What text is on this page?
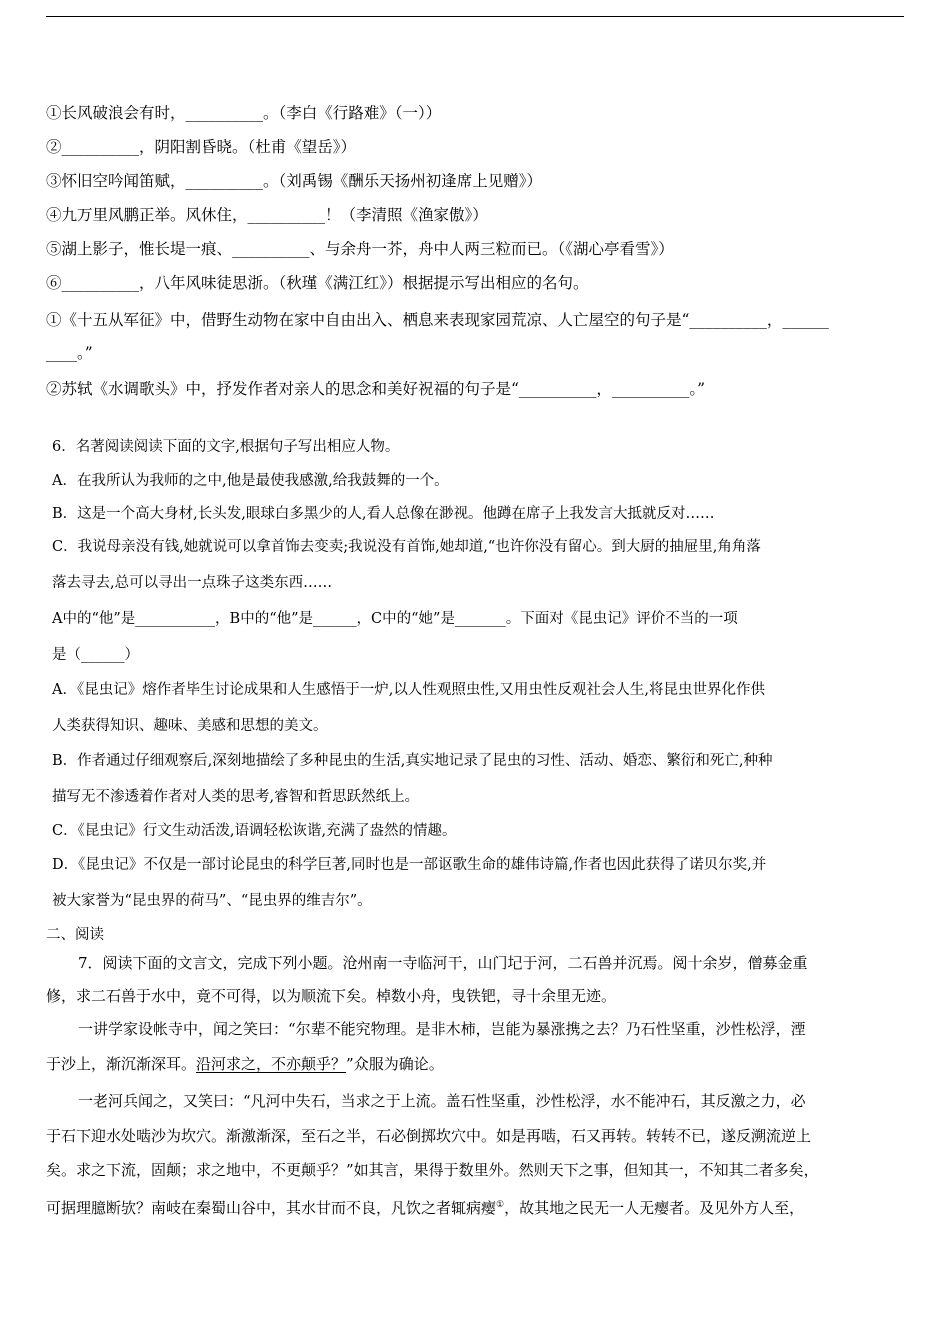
①长风破浪会有时，__________。（李白《行路难》（一））
②__________，阴阳割昏晓。（杜甫《望岳》）
③怀旧空吟闻笛赋，__________。（刘禹锡《酬乐天扬州初逢席上见赠》）
④九万里风鹏正举。风休住，__________！（李清照《渔家傲》）
⑤湖上影子，惟长堤一痕、__________、与余舟一芥，舟中人两三粒而已。（《湖心亭看雪》）
⑥__________，八年风味徒思浙。（秋瑾《满江红》）根据提示写出相应的名句。
①《十五从军征》中，借野生动物在家中自由出入、栖息来表现家园荒凉、人亡屋空的句子是“__________，______
____。”
②苏轼《水调歌头》中，抒发作者对亲人的思念和美好祝福的句子是“__________，__________。”
6．名著阅读阅读下面的文字,根据句子写出相应人物。
A．在我所认为我师的之中,他是最使我感激,给我鼓舞的一个。
B．这是一个高大身材,长头发,眼球白多黑少的人,看人总像在渺视。他蹲在席子上我发言大抵就反对……
C．我说母亲没有钱,她就说可以拿首饰去变卖;我说没有首饰,她却道,“也许你没有留心。到大厨的抽屉里,角角落
落去寻去,总可以寻出一点珠子这类东西……
A中的“他”是___________，B中的“他”是______，C中的“她”是_______。下面对《昆虫记》评价不当的一项
是（______）
A．《昆虫记》熔作者毕生讨论成果和人生感悟于一炉,以人性观照虫性,又用虫性反观社会人生,将昆虫世界化作供
人类获得知识、趣味、美感和思想的美文。
B．作者通过仔细观察后,深刻地描绘了多种昆虫的生活,真实地记录了昆虫的习性、活动、婚恋、繁衍和死亡,种种
描写无不渗透着作者对人类的思考,睿智和哲思跃然纸上。
C．《昆虫记》行文生动活泼,语调轻松诙谐,充满了盎然的情趣。
D．《昆虫记》不仅是一部讨论昆虫的科学巨著,同时也是一部讴歌生命的雄伟诗篇,作者也因此获得了诺贝尔奖,并
被大家誉为“昆虫界的荷马”、“昆虫界的维吉尔”。
二、阅读
7．阅读下面的文言文，完成下列小题。沧州南一寺临河干，山门圮于河，二石兽并沉焉。阅十余岁，僧募金重
修，求二石兽于水中，竟不可得，以为顺流下矣。棹数小舟，曳铁钯，寻十余里无迹。
一讲学家设帐寺中，闻之笑曰：“尔辈不能究物理。是非木柿，岂能为暴涨携之去？乃石性坚重，沙性松浮，湮
于沙上，渐沉渐深耳。沿河求之，不亦颠乎？”众服为确论。
一老河兵闻之，又笑曰：“凡河中失石，当求之于上流。盖石性坚重，沙性松浮，水不能冲石，其反激之力，必
于石下迎水处啮沙为坎穴。渐激渐深，至石之半，石必倒掷坎穴中。如是再啮，石又再转。转转不已，遂反溯流逆上
矣。求之下流，固颠；求之地中，不更颠乎？”如其言，果得于数里外。然则天下之事，但知其一，不知其二者多矣，
可据理臆断欤？南岐在秦蜀山谷中，其水甘而不良，凡饮之者辄病瘿①，故其地之民无一人无瘿者。及见外方人至，
